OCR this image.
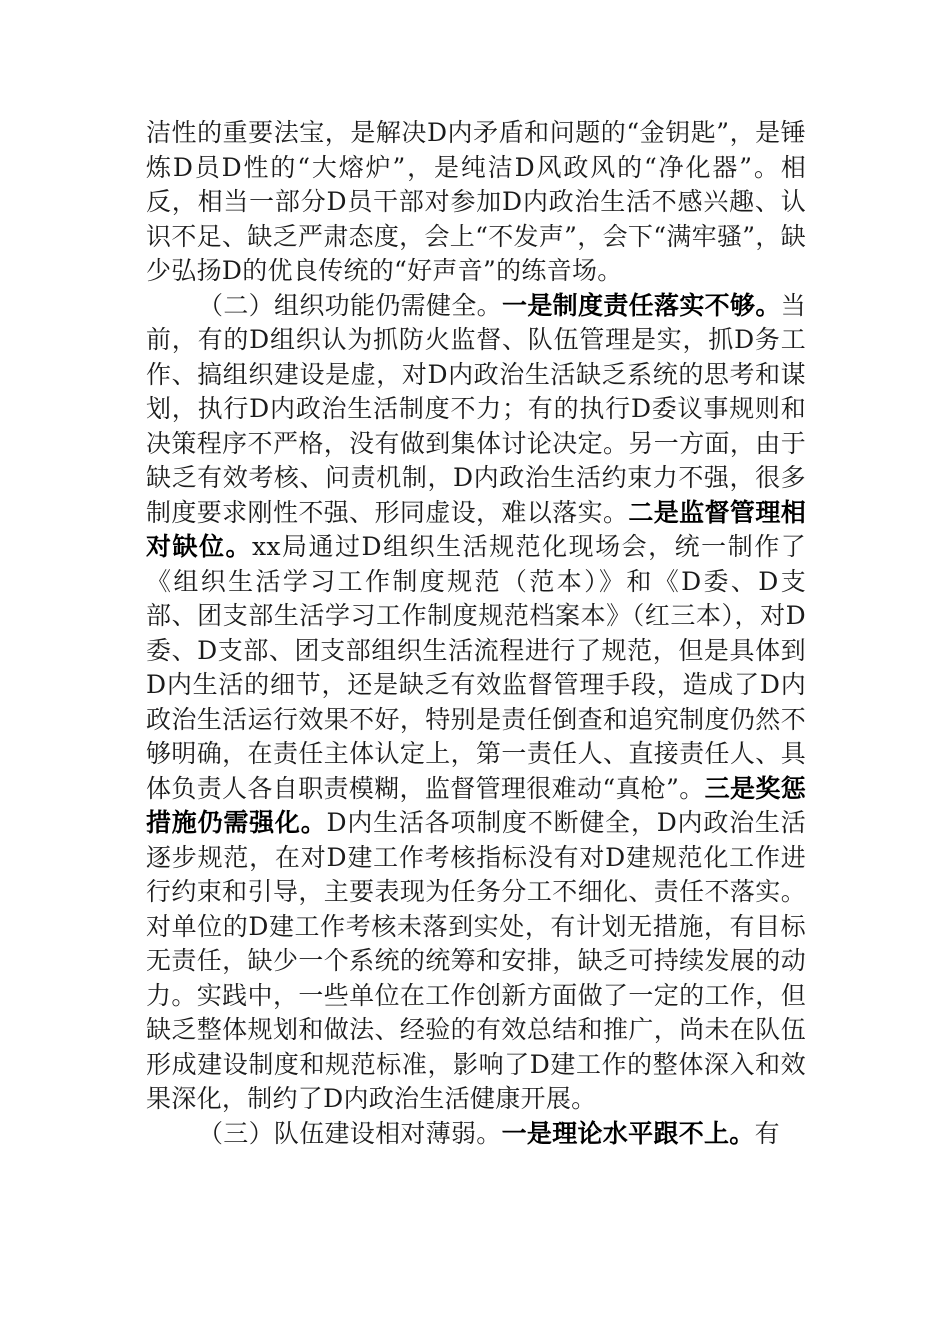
洁性的重要法宝，是解决D内矛盾和问题的“金钥匙”，是锤炼D员D性的“大熔炉”，是纯洁D风政风的“净化器”。相反，相当一部分D员干部对参加D内政治生活不感兴趣、认识不足、缺乏严肃态度，会上“不发声”，会下“满牢骚”，缺少弘扬D的优良传统的“好声音”的练音场。

（二）组织功能仍需健全。一是制度责任落实不够。当前，有的D组织认为抓防火监督、队伍管理是实，抓D务工作、搞组织建设是虚，对D内政治生活缺乏系统的思考和谋划，执行D内政治生活制度不力；有的执行D委议事规则和决策程序不严格，没有做到集体讨论决定。另一方面，由于缺乏有效考核、问责机制，D内政治生活约束力不强，很多制度要求刚性不强、形同虚设，难以落实。二是监督管理相对缺位。xx局通过D组织生活规范化现场会，统一制作了《组织生活学习工作制度规范（范本）》和《D委、D支部、团支部生活学习工作制度规范档案本》（红三本），对D委、D支部、团支部组织生活流程进行了规范，但是具体到D内生活的细节，还是缺乏有效监督管理手段，造成了D内政治生活运行效果不好，特别是责任倒查和追究制度仍然不够明确，在责任主体认定上，第一责任人、直接责任人、具体负责人各自职责模糊，监督管理很难动“真枪”。三是奖惩措施仍需强化。D内生活各项制度不断健全，D内政治生活逐步规范，在对D建工作考核指标没有对D建规范化工作进行约束和引导，主要表现为任务分工不细化、责任不落实。对单位的D建工作考核未落到实处，有计划无措施，有目标无责任，缺少一个系统的统筹和安排，缺乏可持续发展的动力。实践中，一些单位在工作创新方面做了一定的工作，但缺乏整体规划和做法、经验的有效总结和推广，尚未在队伍形成建设制度和规范标准，影响了D建工作的整体深入和效果深化，制约了D内政治生活健康开展。

（三）队伍建设相对薄弱。一是理论水平跟不上。有
